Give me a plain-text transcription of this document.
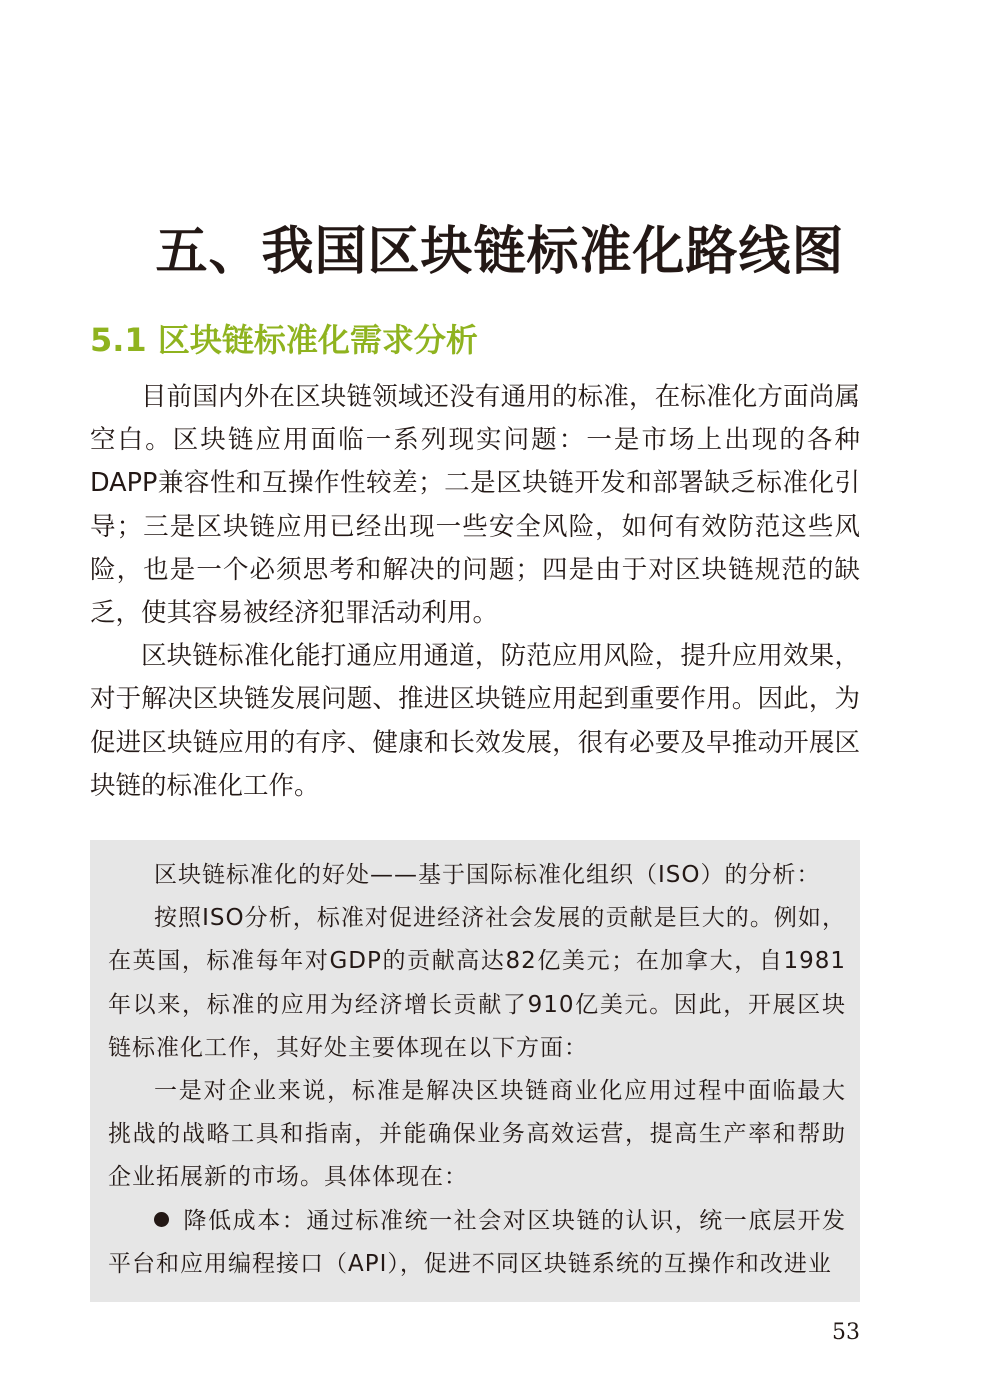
五、我国区块链标准化路线图
5.1 区块链标准化需求分析

目前国内外在区块链领域还没有通用的标准，在标准化方面尚属空白。区块链应用面临一系列现实问题：一是市场上出现的各种DAPP兼容性和互操作性较差；二是区块链开发和部署缺乏标准化引导；三是区块链应用已经出现一些安全风险，如何有效防范这些风险，也是一个必须思考和解决的问题；四是由于对区块链规范的缺乏，使其容易被经济犯罪活动利用。

区块链标准化能打通应用通道，防范应用风险，提升应用效果，对于解决区块链发展问题、推进区块链应用起到重要作用。因此，为促进区块链应用的有序、健康和长效发展，很有必要及早推动开展区块链的标准化工作。

区块链标准化的好处——基于国际标准化组织（ISO）的分析：

按照ISO分析，标准对促进经济社会发展的贡献是巨大的。例如，在英国，标准每年对GDP的贡献高达82亿美元；在加拿大，自1981年以来，标准的应用为经济增长贡献了910亿美元。因此，开展区块链标准化工作，其好处主要体现在以下方面：

一是对企业来说，标准是解决区块链商业化应用过程中面临最大挑战的战略工具和指南，并能确保业务高效运营，提高生产率和帮助企业拓展新的市场。具体体现在：

降低成本：通过标准统一社会对区块链的认识，统一底层开发平台和应用编程接口（API），促进不同区块链系统的互操作和改进业

53
